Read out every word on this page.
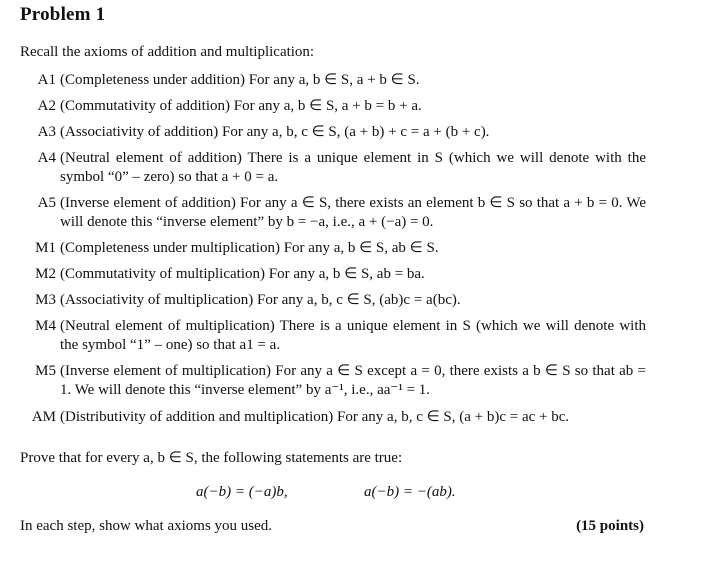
Problem 1
Recall the axioms of addition and multiplication:
A1 (Completeness under addition) For any a, b ∈ S, a + b ∈ S.
A2 (Commutativity of addition) For any a, b ∈ S, a + b = b + a.
A3 (Associativity of addition) For any a, b, c ∈ S, (a + b) + c = a + (b + c).
A4 (Neutral element of addition) There is a unique element in S (which we will denote with the symbol “0” – zero) so that a + 0 = a.
A5 (Inverse element of addition) For any a ∈ S, there exists an element b ∈ S so that a + b = 0. We will denote this “inverse element” by b = −a, i.e., a + (−a) = 0.
M1 (Completeness under multiplication) For any a, b ∈ S, ab ∈ S.
M2 (Commutativity of multiplication) For any a, b ∈ S, ab = ba.
M3 (Associativity of multiplication) For any a, b, c ∈ S, (ab)c = a(bc).
M4 (Neutral element of multiplication) There is a unique element in S (which we will denote with the symbol “1” – one) so that a1 = a.
M5 (Inverse element of multiplication) For any a ∈ S except a = 0, there exists a b ∈ S so that ab = 1. We will denote this “inverse element” by a⁻¹, i.e., aa⁻¹ = 1.
AM (Distributivity of addition and multiplication) For any a, b, c ∈ S, (a + b)c = ac + bc.
Prove that for every a, b ∈ S, the following statements are true:
a(−b) = (−a)b,	a(−b) = −(ab).
In each step, show what axioms you used.	(15 points)
